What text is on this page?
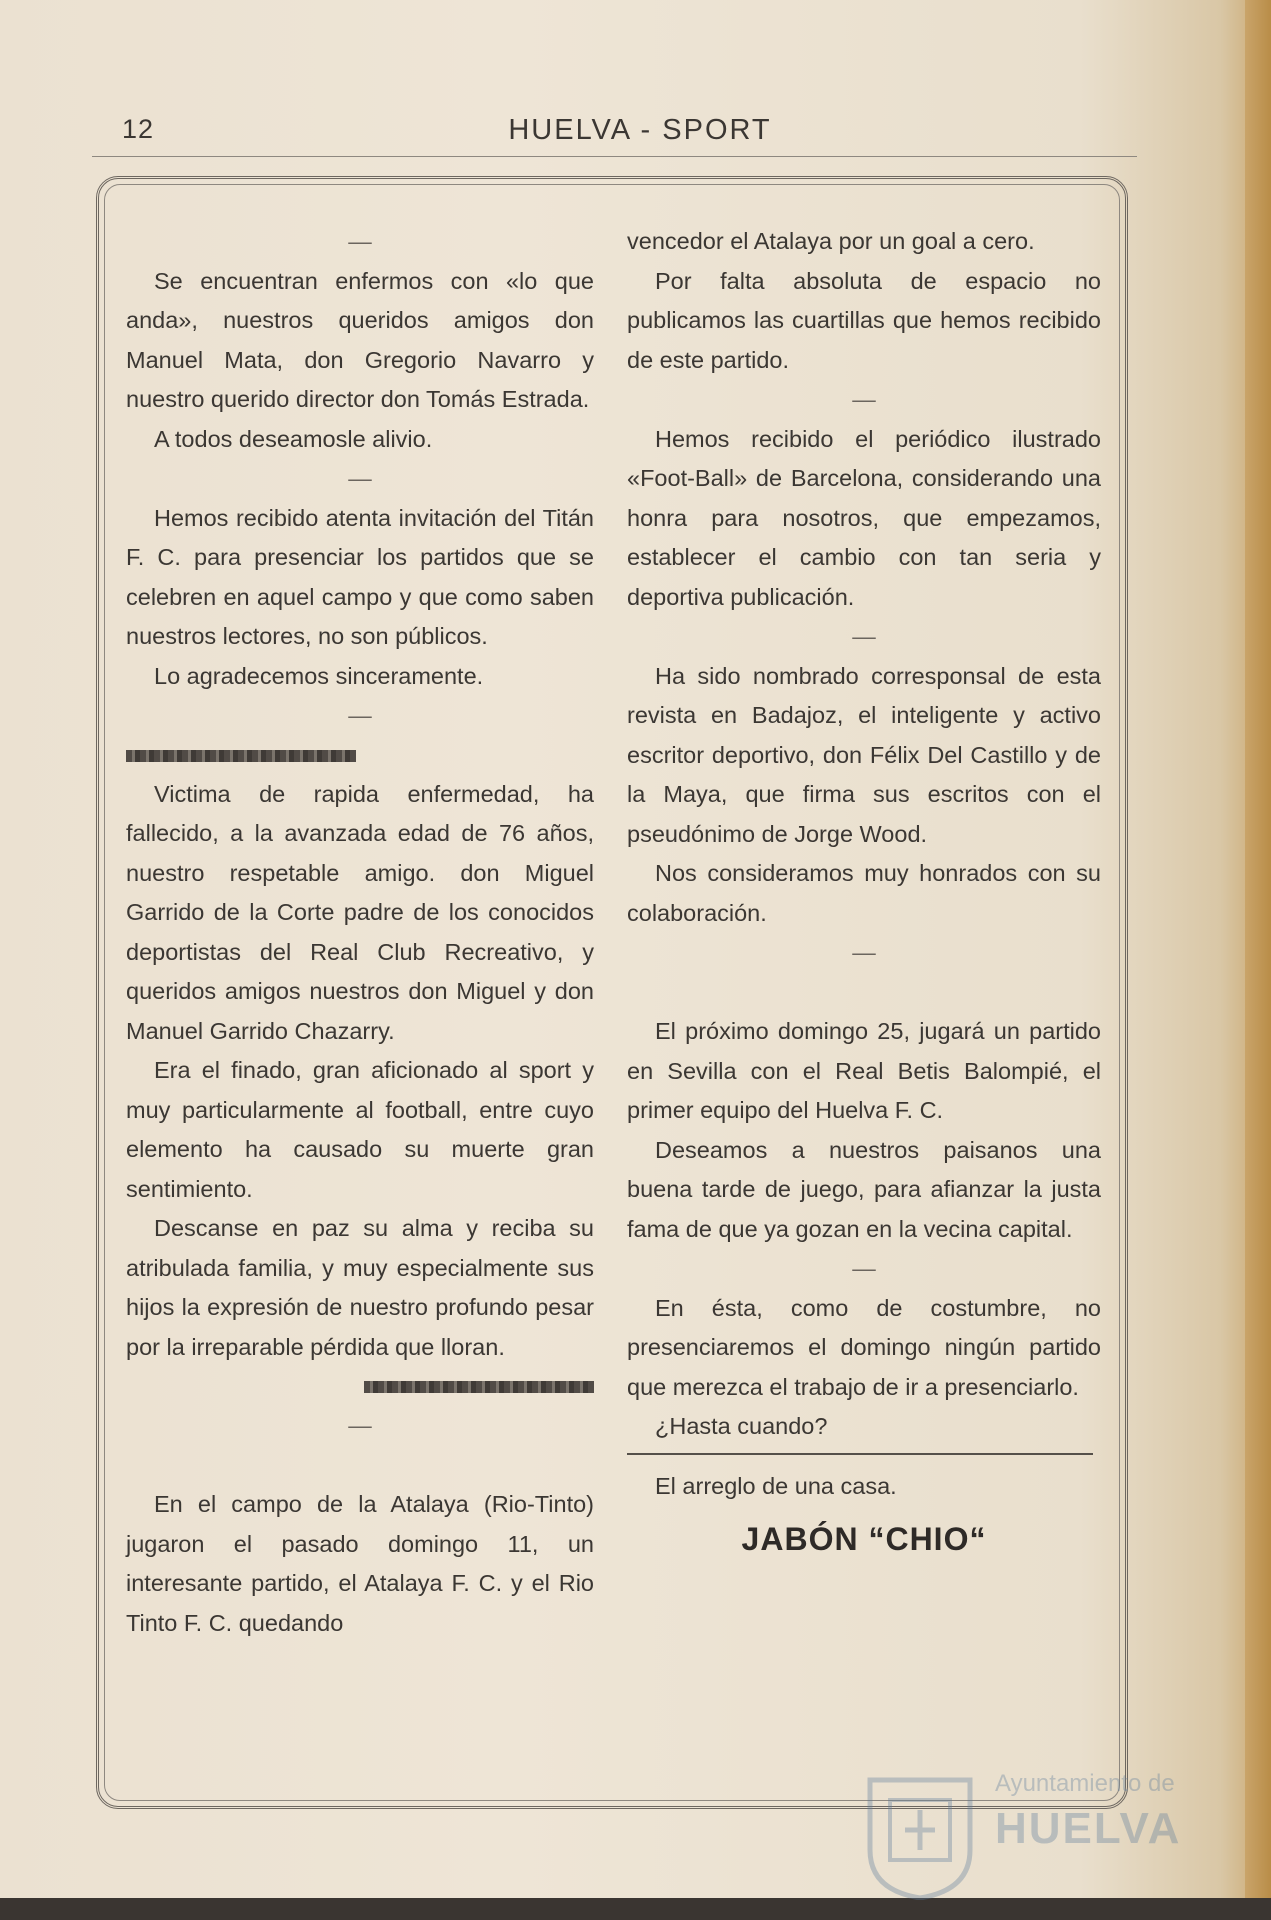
12	HUELVA - SPORT
—

Se encuentran enfermos con «lo que anda», nuestros queridos amigos don Manuel Mata, don Gregorio Navarro y nuestro querido director don Tomás Estrada.

A todos deseamosle alivio.

—

Hemos recibido atenta invitación del Titán F. C. para presenciar los partidos que se celebren en aquel campo y que como saben nuestros lectores, no son públicos.

Lo agradecemos sinceramente.

—

Victima de rapida enfermedad, ha fallecido, a la avanzada edad de 76 años, nuestro respetable amigo. don Miguel Garrido de la Corte padre de los conocidos deportistas del Real Club Recreativo, y queridos amigos nuestros don Miguel y don Manuel Garrido Chazarry.

Era el finado, gran aficionado al sport y muy particularmente al football, entre cuyo elemento ha causado su muerte gran sentimiento.

Descanse en paz su alma y reciba su atribulada familia, y muy especialmente sus hijos la expresión de nuestro profundo pesar por la irreparable pérdida que lloran.

—

En el campo de la Atalaya (Rio-Tinto) jugaron el pasado domingo 11, un interesante partido, el Atalaya F. C. y el Rio Tinto F. C. quedando

vencedor el Atalaya por un goal a cero.

Por falta absoluta de espacio no publicamos las cuartillas que hemos recibido de este partido.

—

Hemos recibido el periódico ilustrado «Foot-Ball» de Barcelona, considerando una honra para nosotros, que empezamos, establecer el cambio con tan seria y deportiva publicación.

—

Ha sido nombrado corresponsal de esta revista en Badajoz, el inteligente y activo escritor deportivo, don Félix Del Castillo y de la Maya, que firma sus escritos con el pseudónimo de Jorge Wood.

Nos consideramos muy honrados con su colaboración.

—

El próximo domingo 25, jugará un partido en Sevilla con el Real Betis Balompié, el primer equipo del Huelva F. C.

Deseamos a nuestros paisanos una buena tarde de juego, para afianzar la justa fama de que ya gozan en la vecina capital.

—

En ésta, como de costumbre, no presenciaremos el domingo ningún partido que merezca el trabajo de ir a presenciarlo.

¿Hasta cuando?

El arreglo de una casa.

JABÓN “CHIO“
Ayuntamiento de
HUELVA
